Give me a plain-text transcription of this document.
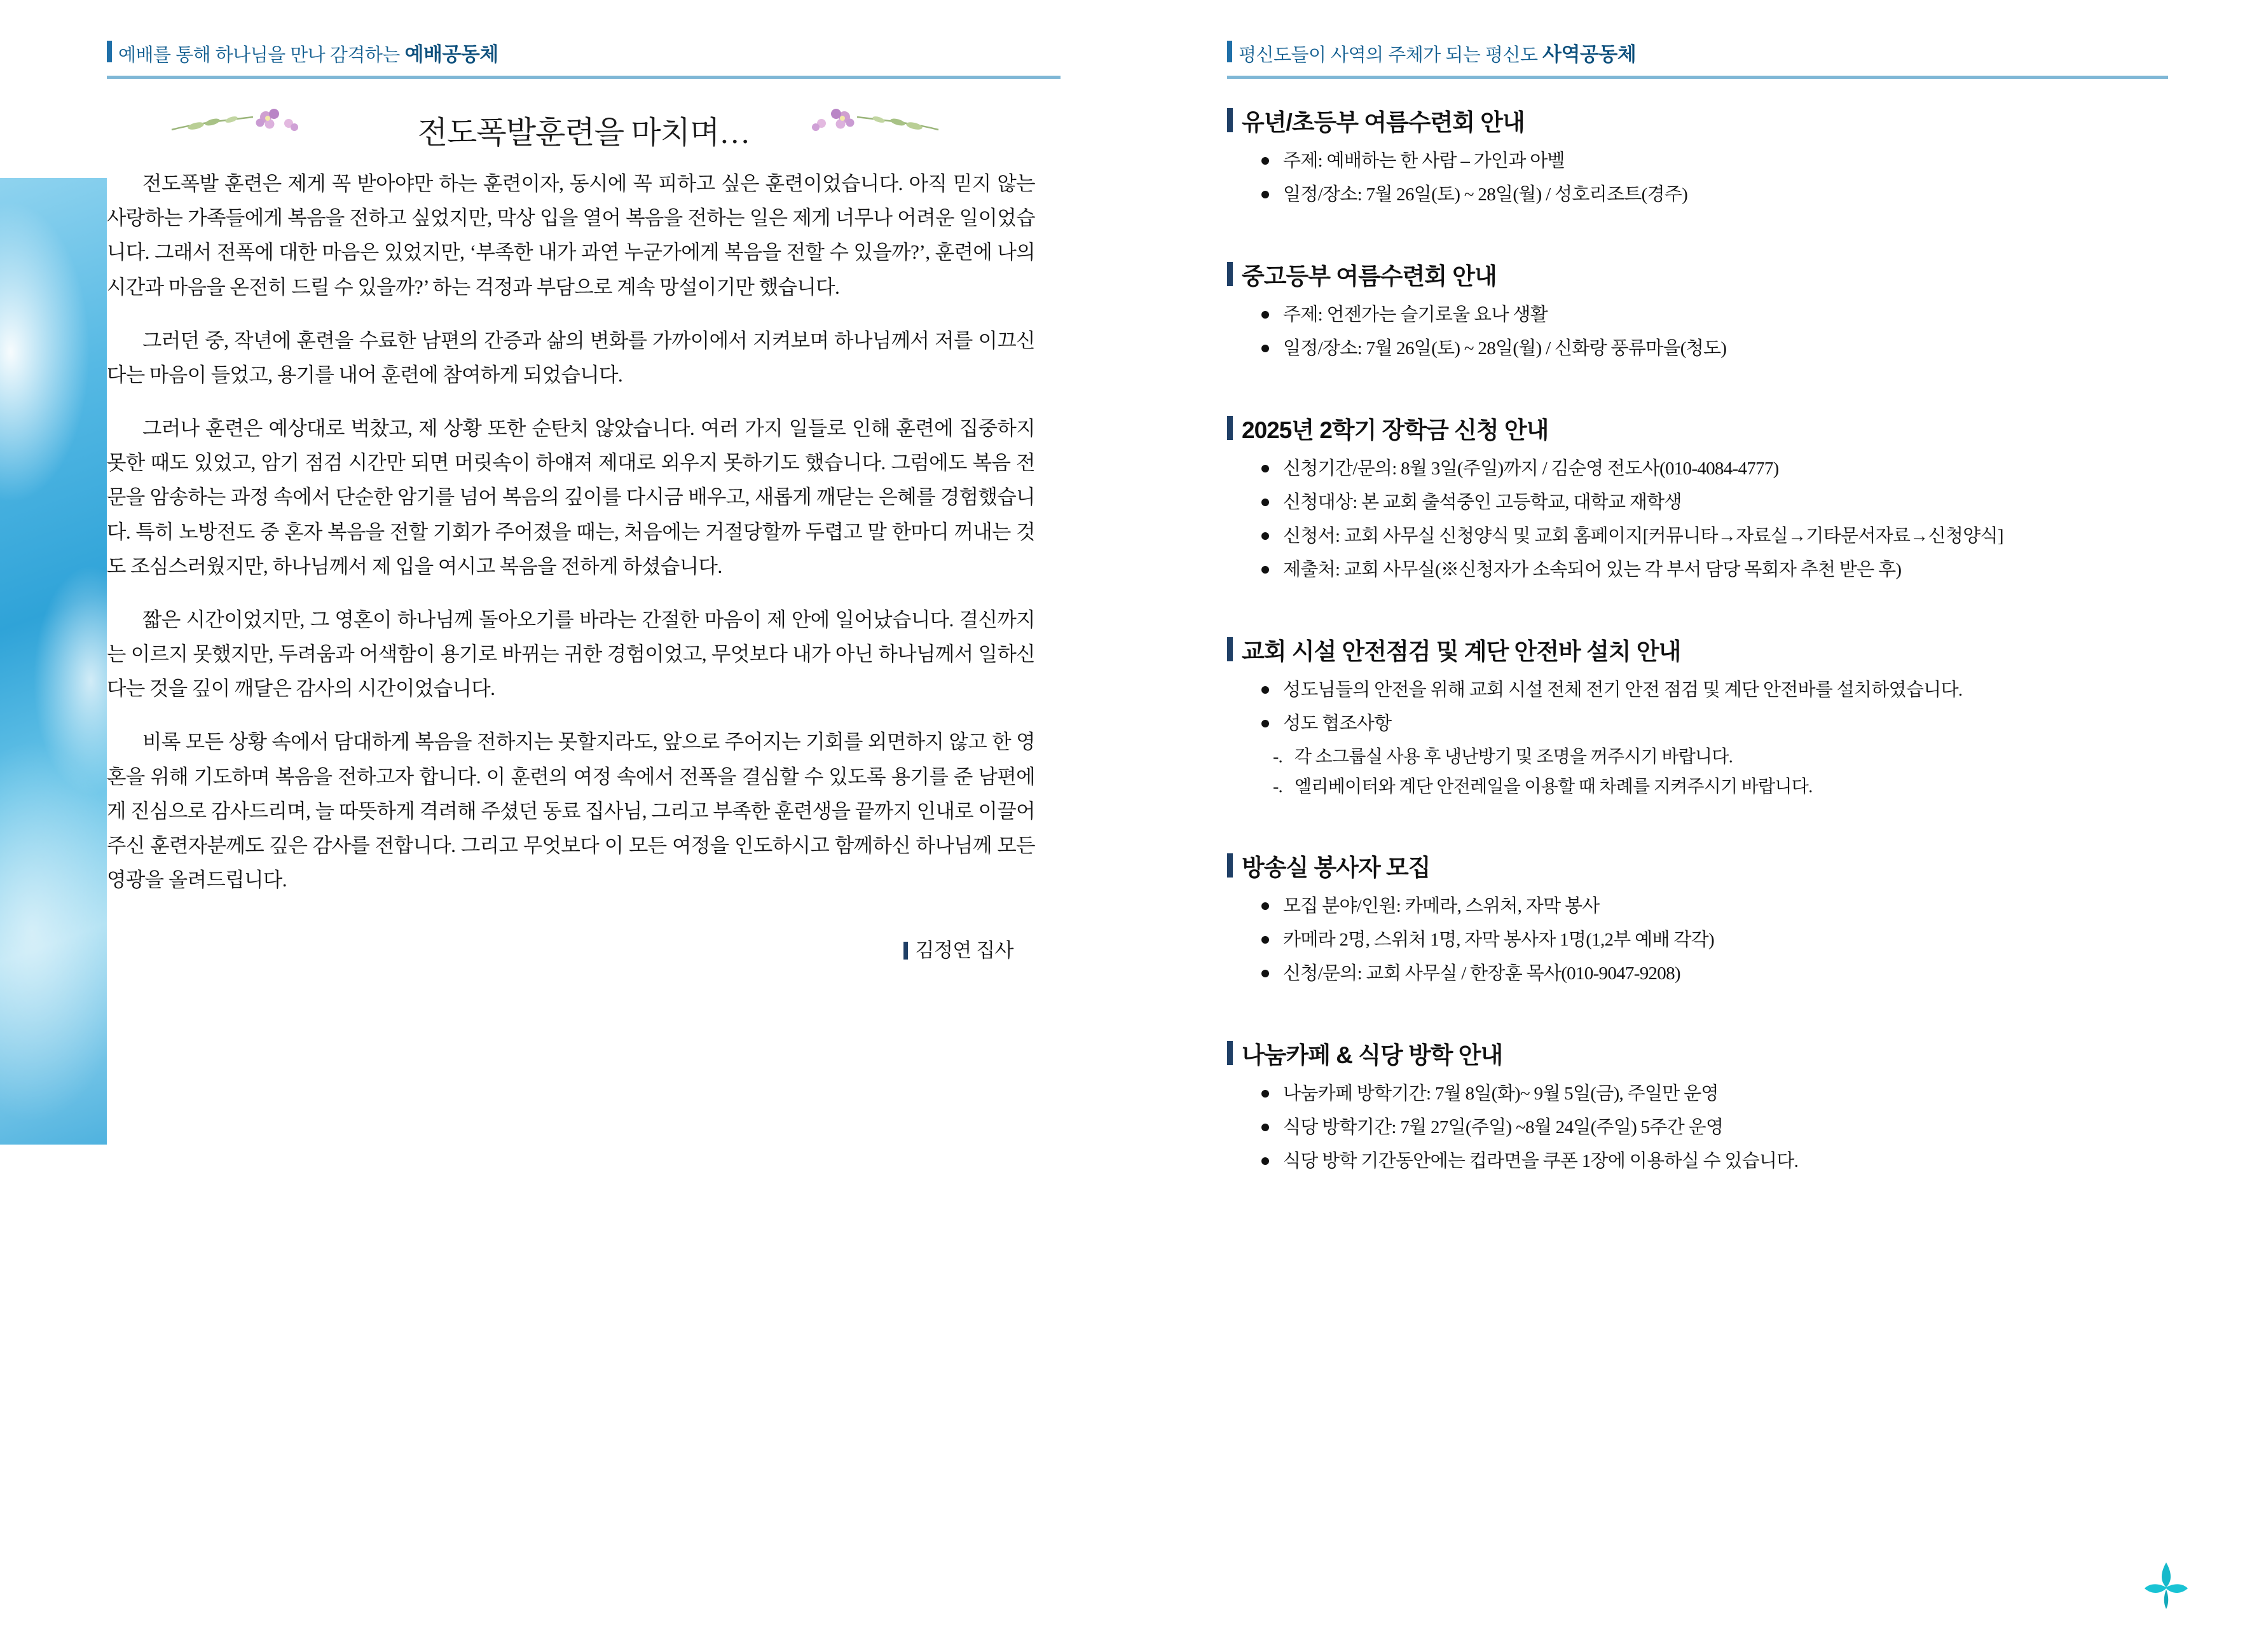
예배를 통해 하나님을 만나 감격하는 예배공동체
전도폭발훈련을 마치며…

전도폭발 훈련은 제게 꼭 받아야만 하는 훈련이자, 동시에 꼭 피하고 싶은 훈련이었습니다. 아직 믿지 않는 사랑하는 가족들에게 복음을 전하고 싶었지만, 막상 입을 열어 복음을 전하는 일은 제게 너무나 어려운 일이었습니다. 그래서 전폭에 대한 마음은 있었지만, ‘부족한 내가 과연 누군가에게 복음을 전할 수 있을까?’, 훈련에 나의 시간과 마음을 온전히 드릴 수 있을까?’ 하는 걱정과 부담으로 계속 망설이기만 했습니다.

그러던 중, 작년에 훈련을 수료한 남편의 간증과 삶의 변화를 가까이에서 지켜보며 하나님께서 저를 이끄신다는 마음이 들었고, 용기를 내어 훈련에 참여하게 되었습니다.

그러나 훈련은 예상대로 벅찼고, 제 상황 또한 순탄치 않았습니다. 여러 가지 일들로 인해 훈련에 집중하지 못한 때도 있었고, 암기 점검 시간만 되면 머릿속이 하얘져 제대로 외우지 못하기도 했습니다. 그럼에도 복음 전문을 암송하는 과정 속에서 단순한 암기를 넘어 복음의 깊이를 다시금 배우고, 새롭게 깨닫는 은혜를 경험했습니다. 특히 노방전도 중 혼자 복음을 전할 기회가 주어졌을 때는, 처음에는 거절당할까 두렵고 말 한마디 꺼내는 것도 조심스러웠지만, 하나님께서 제 입을 여시고 복음을 전하게 하셨습니다.

짧은 시간이었지만, 그 영혼이 하나님께 돌아오기를 바라는 간절한 마음이 제 안에 일어났습니다. 결신까지는 이르지 못했지만, 두려움과 어색함이 용기로 바뀌는 귀한 경험이었고, 무엇보다 내가 아닌 하나님께서 일하신다는 것을 깊이 깨달은 감사의 시간이었습니다.

비록 모든 상황 속에서 담대하게 복음을 전하지는 못할지라도, 앞으로 주어지는 기회를 외면하지 않고 한 영혼을 위해 기도하며 복음을 전하고자 합니다. 이 훈련의 여정 속에서 전폭을 결심할 수 있도록 용기를 준 남편에게 진심으로 감사드리며, 늘 따뜻하게 격려해 주셨던 동료 집사님, 그리고 부족한 훈련생을 끝까지 인내로 이끌어주신 훈련자분께도 깊은 감사를 전합니다. 그리고 무엇보다 이 모든 여정을 인도하시고 함께하신 하나님께 모든 영광을 올려드립니다.

김정연 집사
평신도들이 사역의 주체가 되는 평신도 사역공동체
유년/초등부 여름수련회 안내
주제: 예배하는 한 사람 – 가인과 아벨
일정/장소: 7월 26일(토) ~ 28일(월) / 성호리조트(경주)
중고등부 여름수련회 안내
주제: 언젠가는 슬기로울 요나 생활
일정/장소: 7월 26일(토) ~ 28일(월) / 신화랑 풍류마을(청도)
2025년 2학기 장학금 신청 안내
신청기간/문의: 8월 3일(주일)까지 / 김순영 전도사(010-4084-4777)
신청대상: 본 교회 출석중인 고등학교, 대학교 재학생
신청서: 교회 사무실 신청양식 및 교회 홈페이지[커뮤니타→자료실→기타문서자료→신청양식]
제출처: 교회 사무실(※신청자가 소속되어 있는 각 부서 담당 목회자 추천 받은 후)
교회 시설 안전점검 및 계단 안전바 설치 안내
성도님들의 안전을 위해 교회 시설 전체 전기 안전 점검 및 계단 안전바를 설치하였습니다.
성도 협조사항
-. 각 소그룹실 사용 후 냉난방기 및 조명을 꺼주시기 바랍니다.
-. 엘리베이터와 계단 안전레일을 이용할 때 차례를 지켜주시기 바랍니다.
방송실 봉사자 모집
모집 분야/인원: 카메라, 스위처, 자막 봉사
카메라 2명, 스위처 1명, 자막 봉사자 1명(1,2부 예배 각각)
신청/문의: 교회 사무실 / 한장훈 목사(010-9047-9208)
나눔카페 & 식당 방학 안내
나눔카페 방학기간: 7월 8일(화)~ 9월 5일(금), 주일만 운영
식당 방학기간: 7월 27일(주일) ~8월 24일(주일) 5주간 운영
식당 방학 기간동안에는 컵라면을 쿠폰 1장에 이용하실 수 있습니다.
